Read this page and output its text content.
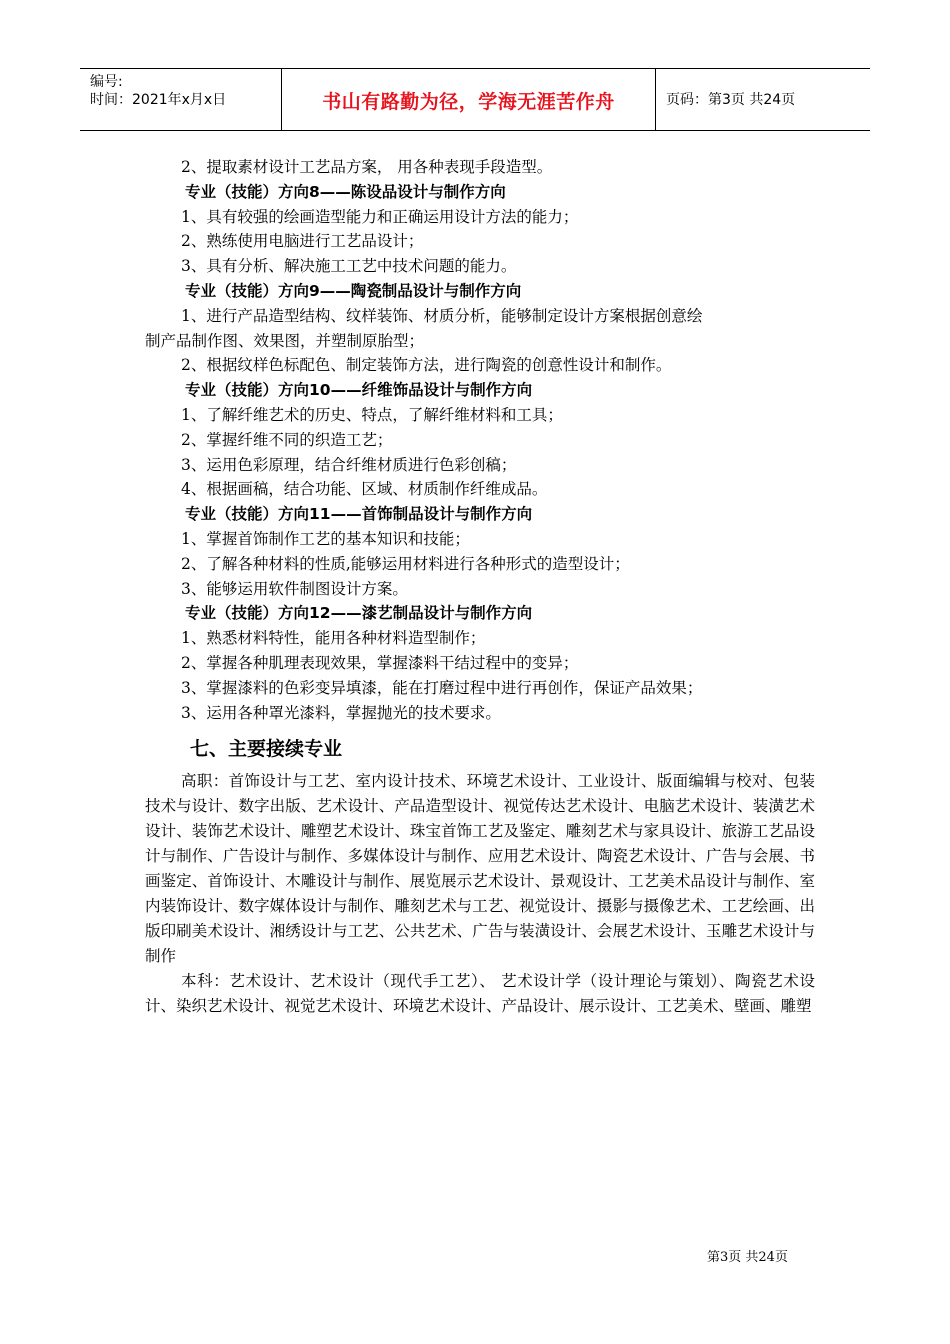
编号:
时间：2021年x月x日	书山有路勤为径，学海无涯苦作舟	页码：第3页 共24页
2、提取素材设计工艺品方案， 用各种表现手段造型。
专业（技能）方向8——陈设品设计与制作方向
1、具有较强的绘画造型能力和正确运用设计方法的能力；
2、熟练使用电脑进行工艺品设计；
3、具有分析、解决施工工艺中技术问题的能力。
专业（技能）方向9——陶瓷制品设计与制作方向
1、进行产品造型结构、纹样装饰、材质分析，能够制定设计方案根据创意绘
制产品制作图、效果图，并塑制原胎型；
2、根据纹样色标配色、制定装饰方法，进行陶瓷的创意性设计和制作。
专业（技能）方向10——纤维饰品设计与制作方向
1、了解纤维艺术的历史、特点，了解纤维材料和工具；
2、掌握纤维不同的织造工艺；
3、运用色彩原理，结合纤维材质进行色彩创稿；
4、根据画稿，结合功能、区域、材质制作纤维成品。
专业（技能）方向11——首饰制品设计与制作方向
1、掌握首饰制作工艺的基本知识和技能；
2、了解各种材料的性质,能够运用材料进行各种形式的造型设计；
3、能够运用软件制图设计方案。
专业（技能）方向12——漆艺制品设计与制作方向
1、熟悉材料特性，能用各种材料造型制作；
2、掌握各种肌理表现效果，掌握漆料干结过程中的变异；
3、掌握漆料的色彩变异填漆，能在打磨过程中进行再创作，保证产品效果；
3、运用各种罩光漆料，掌握抛光的技术要求。
七、主要接续专业
高职：首饰设计与工艺、室内设计技术、环境艺术设计、工业设计、版面编辑与校对、包装技术与设计、数字出版、艺术设计、产品造型设计、视觉传达艺术设计、电脑艺术设计、装潢艺术设计、装饰艺术设计、雕塑艺术设计、珠宝首饰工艺及鉴定、雕刻艺术与家具设计、旅游工艺品设计与制作、广告设计与制作、多媒体设计与制作、应用艺术设计、陶瓷艺术设计、广告与会展、书画鉴定、首饰设计、木雕设计与制作、展览展示艺术设计、景观设计、工艺美术品设计与制作、室内装饰设计、数字媒体设计与制作、雕刻艺术与工艺、视觉设计、摄影与摄像艺术、工艺绘画、出版印刷美术设计、湘绣设计与工艺、公共艺术、广告与装潢设计、会展艺术设计、玉雕艺术设计与制作
本科：艺术设计、艺术设计（现代手工艺）、 艺术设计学（设计理论与策划）、陶瓷艺术设计、染织艺术设计、视觉艺术设计、环境艺术设计、产品设计、展示设计、工艺美术、壁画、雕塑
第3页 共24页
